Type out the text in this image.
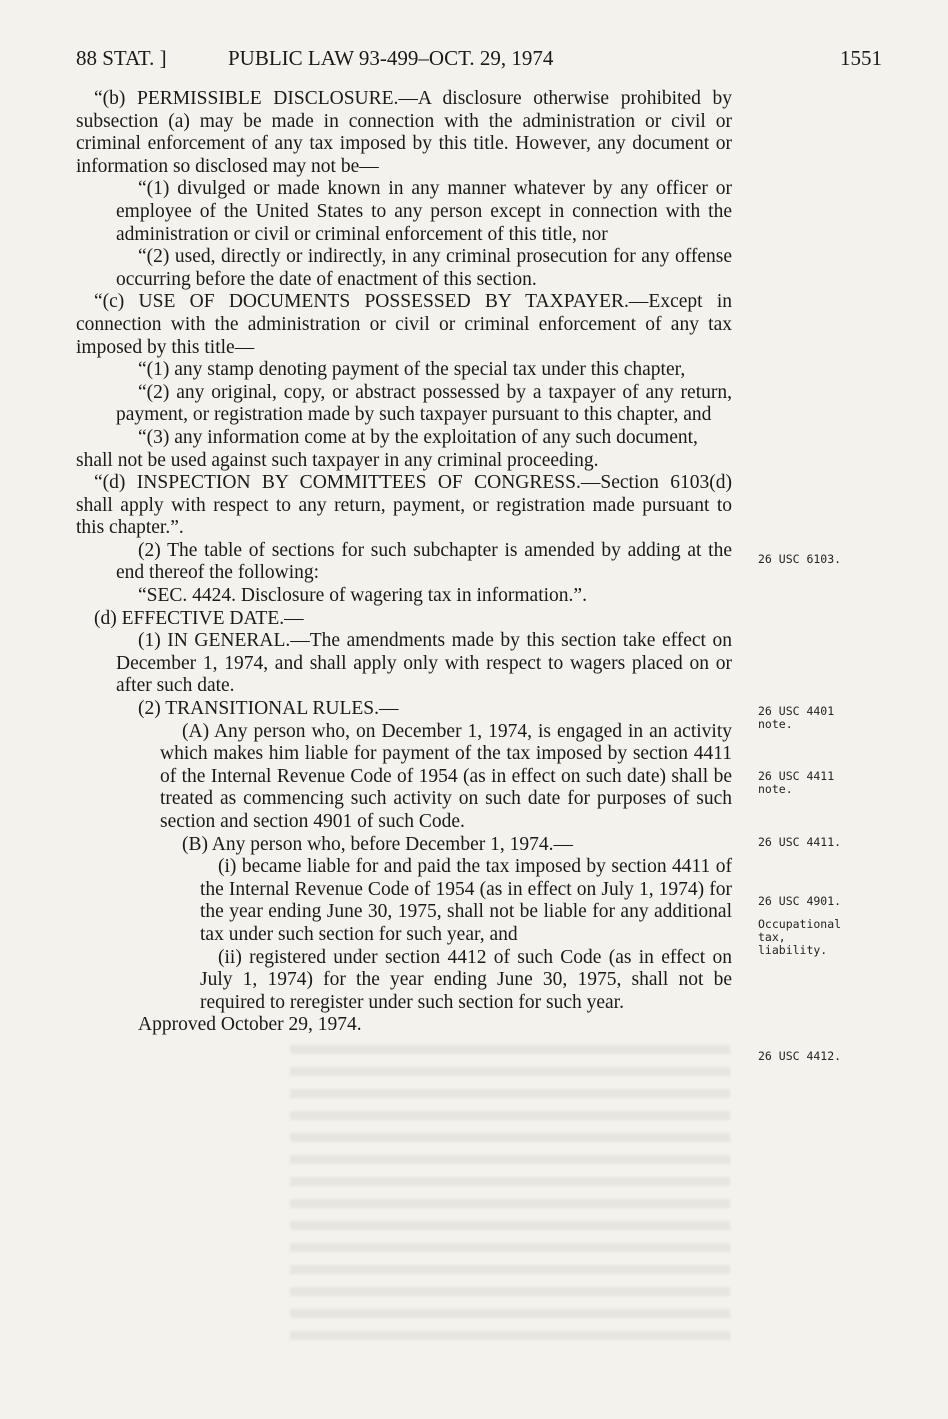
88 STAT. ]	PUBLIC LAW 93-499–OCT. 29, 1974	1551

“(b) PERMISSIBLE DISCLOSURE.—A disclosure otherwise prohibited by subsection (a) may be made in connection with the administration or civil or criminal enforcement of any tax imposed by this title. However, any document or information so disclosed may not be—

“(1) divulged or made known in any manner whatever by any officer or employee of the United States to any person except in connection with the administration or civil or criminal enforcement of this title, nor

“(2) used, directly or indirectly, in any criminal prosecution for any offense occurring before the date of enactment of this section.

“(c) USE OF DOCUMENTS POSSESSED BY TAXPAYER.—Except in connection with the administration or civil or criminal enforcement of any tax imposed by this title—

“(1) any stamp denoting payment of the special tax under this chapter,

“(2) any original, copy, or abstract possessed by a taxpayer of any return, payment, or registration made by such taxpayer pursuant to this chapter, and

“(3) any information come at by the exploitation of any such document,

shall not be used against such taxpayer in any criminal proceeding.

“(d) INSPECTION BY COMMITTEES OF CONGRESS.—Section 6103(d) shall apply with respect to any return, payment, or registration made pursuant to this chapter.”.

(2) The table of sections for such subchapter is amended by adding at the end thereof the following:

“SEC. 4424. Disclosure of wagering tax in information.”.

(d) EFFECTIVE DATE.—

(1) IN GENERAL.—The amendments made by this section take effect on December 1, 1974, and shall apply only with respect to wagers placed on or after such date.

(2) TRANSITIONAL RULES.—

(A) Any person who, on December 1, 1974, is engaged in an activity which makes him liable for payment of the tax imposed by section 4411 of the Internal Revenue Code of 1954 (as in effect on such date) shall be treated as commencing such activity on such date for purposes of such section and section 4901 of such Code.

(B) Any person who, before December 1, 1974.—

(i) became liable for and paid the tax imposed by section 4411 of the Internal Revenue Code of 1954 (as in effect on July 1, 1974) for the year ending June 30, 1975, shall not be liable for any additional tax under such section for such year, and

(ii) registered under section 4412 of such Code (as in effect on July 1, 1974) for the year ending June 30, 1975, shall not be required to reregister under such section for such year.

Approved October 29, 1974.

26 USC 6103.
26 USC 4401 note.
26 USC 4411 note.
26 USC 4411.
26 USC 4901.
Occupational tax, liability.
26 USC 4412.
